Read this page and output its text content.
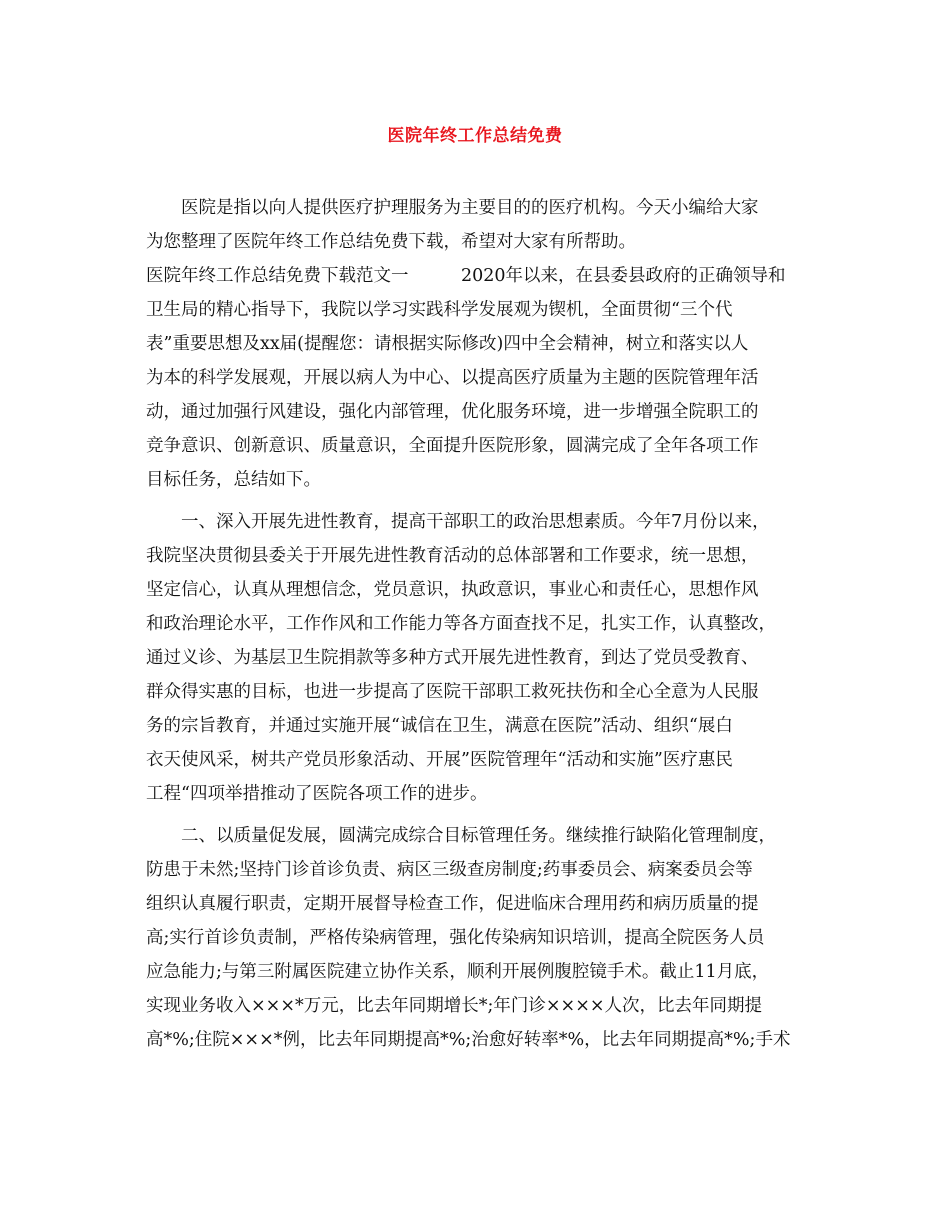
医院年终工作总结免费
　　医院是指以向人提供医疗护理服务为主要目的的医疗机构。今天小编给大家
为您整理了医院年终工作总结免费下载，希望对大家有所帮助。
医院年终工作总结免费下载范文一　　　2020年以来，在县委县政府的正确领导和
卫生局的精心指导下，我院以学习实践科学发展观为锲机，全面贯彻“三个代
表”重要思想及xx届(提醒您：请根据实际修改)四中全会精神，树立和落实以人
为本的科学发展观，开展以病人为中心、以提高医疗质量为主题的医院管理年活
动，通过加强行风建设，强化内部管理，优化服务环境，进一步增强全院职工的
竞争意识、创新意识、质量意识，全面提升医院形象，圆满完成了全年各项工作
目标任务，总结如下。
　　一、深入开展先进性教育，提高干部职工的政治思想素质。今年7月份以来，
我院坚决贯彻县委关于开展先进性教育活动的总体部署和工作要求，统一思想，
坚定信心，认真从理想信念，党员意识，执政意识，事业心和责任心，思想作风
和政治理论水平，工作作风和工作能力等各方面查找不足，扎实工作，认真整改，
通过义诊、为基层卫生院捐款等多种方式开展先进性教育，到达了党员受教育、
群众得实惠的目标，也进一步提高了医院干部职工救死扶伤和全心全意为人民服
务的宗旨教育，并通过实施开展“诚信在卫生，满意在医院”活动、组织“展白
衣天使风采，树共产党员形象活动、开展”医院管理年“活动和实施”医疗惠民
工程“四项举措推动了医院各项工作的进步。
　　二、以质量促发展，圆满完成综合目标管理任务。继续推行缺陷化管理制度，
防患于未然;坚持门诊首诊负责、病区三级查房制度;药事委员会、病案委员会等
组织认真履行职责，定期开展督导检查工作，促进临床合理用药和病历质量的提
高;实行首诊负责制，严格传染病管理，强化传染病知识培训，提高全院医务人员
应急能力;与第三附属医院建立协作关系，顺利开展例腹腔镜手术。截止11月底，
实现业务收入×××*万元，比去年同期增长*;年门诊××××人次，比去年同期提
高*%;住院×××*例，比去年同期提高*%;治愈好转率*%，比去年同期提高*%;手术
